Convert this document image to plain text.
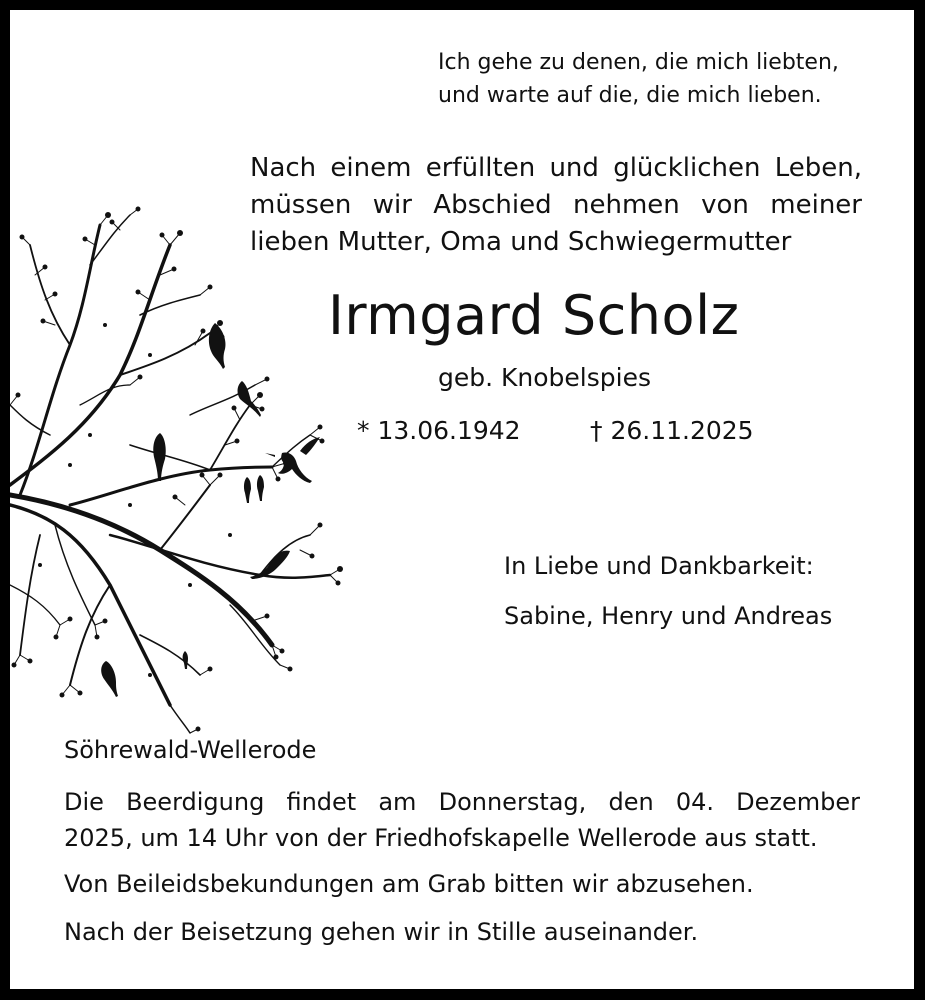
Ich gehe zu denen, die mich liebten,
und warte auf die, die mich lieben.
Nach einem erfüllten und glücklichen Leben,
müssen wir Abschied nehmen von meiner
lieben Mutter, Oma und Schwiegermutter
Irmgard Scholz
geb. Knobelspies
* 13.06.1942	† 26.11.2025
In Liebe und Dankbarkeit:
Sabine, Henry und Andreas
Söhrewald-Wellerode
Die Beerdigung findet am Donnerstag, den 04. Dezember
2025, um 14 Uhr von der Friedhofskapelle Wellerode aus statt.
Von Beileidsbekundungen am Grab bitten wir abzusehen.
Nach der Beisetzung gehen wir in Stille auseinander.
